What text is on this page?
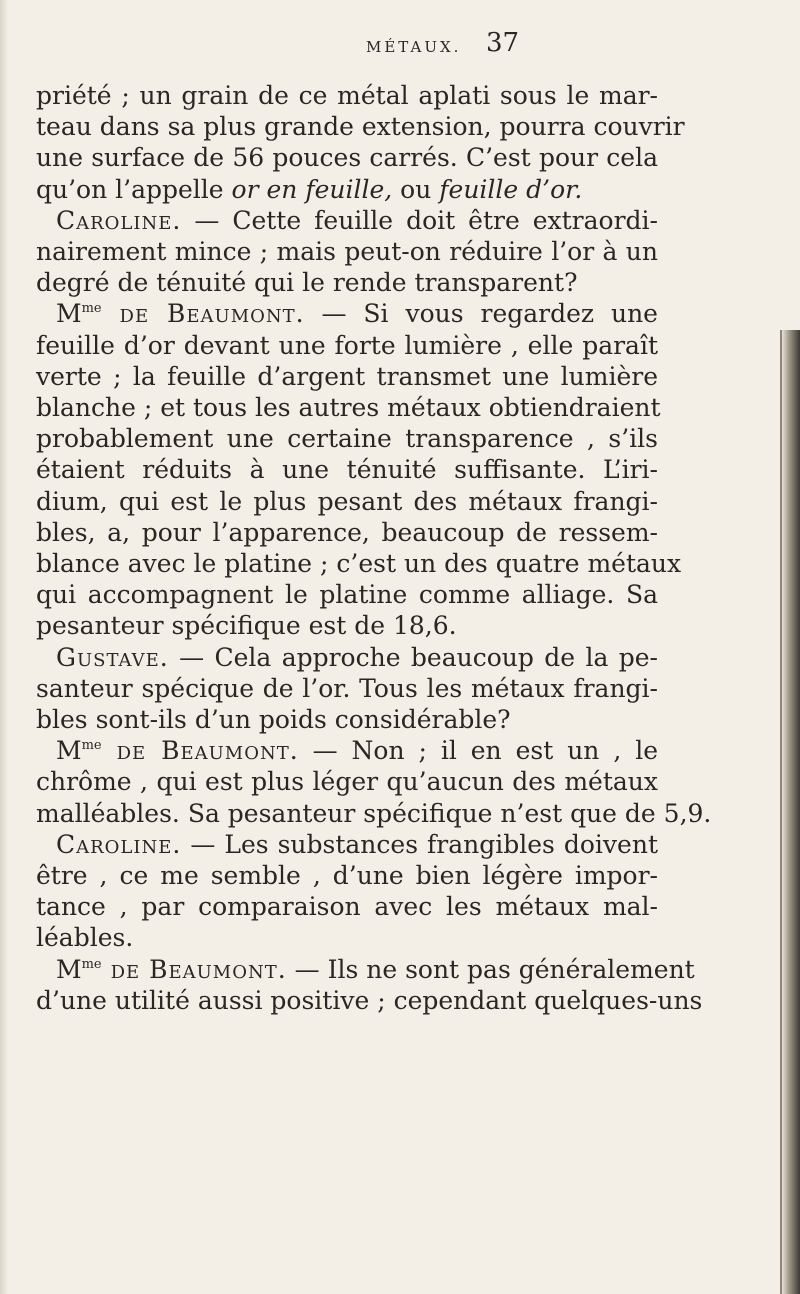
MÉTAUX. 37
priété ; un grain de ce métal aplati sous le mar-
teau dans sa plus grande extension, pourra couvrir
une surface de 56 pouces carrés. C’est pour cela
qu’on l’appelle or en feuille, ou feuille d’or.
Caroline. — Cette feuille doit être extraordi-
nairement mince ; mais peut-on réduire l’or à un
degré de ténuité qui le rende transparent?
$M^{me}$ de Beaumont. — Si vous regardez une
feuille d’or devant une forte lumière , elle paraît
verte ; la feuille d’argent transmet une lumière
blanche ; et tous les autres métaux obtiendraient
probablement une certaine transparence , s’ils
étaient réduits à une ténuité suffisante. L’iri-
dium, qui est le plus pesant des métaux frangi-
bles, a, pour l’apparence, beaucoup de ressem-
blance avec le platine ; c’est un des quatre métaux
qui accompagnent le platine comme alliage. Sa
pesanteur spécifique est de 18,6.
Gustave. — Cela approche beaucoup de la pe-
santeur spécique de l’or. Tous les métaux frangi-
bles sont-ils d’un poids considérable?
$M^{me}$ de Beaumont. — Non ; il en est un , le
chrôme , qui est plus léger qu’aucun des métaux
malléables. Sa pesanteur spécifique n’est que de 5,9.
Caroline. — Les substances frangibles doivent
être , ce me semble , d’une bien légère impor-
tance , par comparaison avec les métaux mal-
léables.
$M^{me}$ de Beaumont. — Ils ne sont pas généralement
d’une utilité aussi positive ; cependant quelques-uns
